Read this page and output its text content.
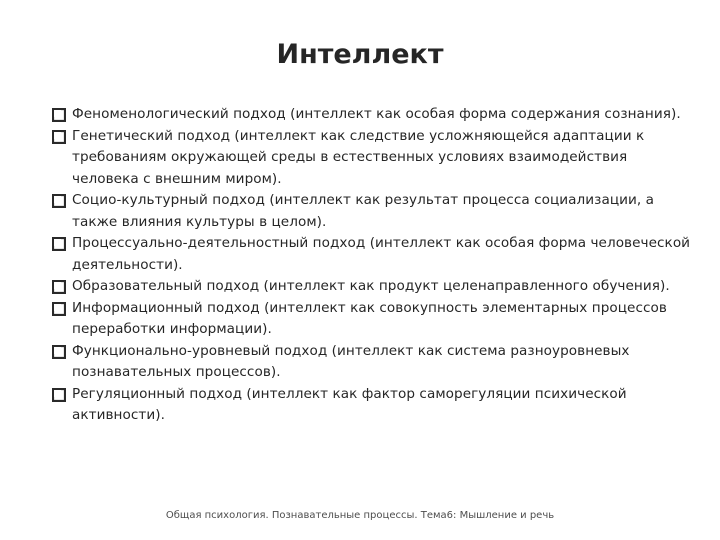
Интеллект
Феноменологический подход (интеллект как особая форма содержания сознания).
Генетический подход (интеллект как следствие усложняющейся адаптации к требованиям окружающей среды в естественных условиях взаимодействия человека с внешним миром).
Социо-культурный подход (интеллект как результат процесса социализации, а также влияния культуры в целом).
Процессуально-деятельностный подход (интеллект как особая форма человеческой деятельности).
Образовательный подход (интеллект как продукт целенаправленного обучения).
Информационный подход (интеллект как совокупность элементарных процессов переработки информации).
Функционально-уровневый подход (интеллект как система разноуровневых познавательных процессов).
Регуляционный подход (интеллект как фактор саморегуляции психической активности).
Общая психология. Познавательные процессы. Тема6: Мышление и речь
